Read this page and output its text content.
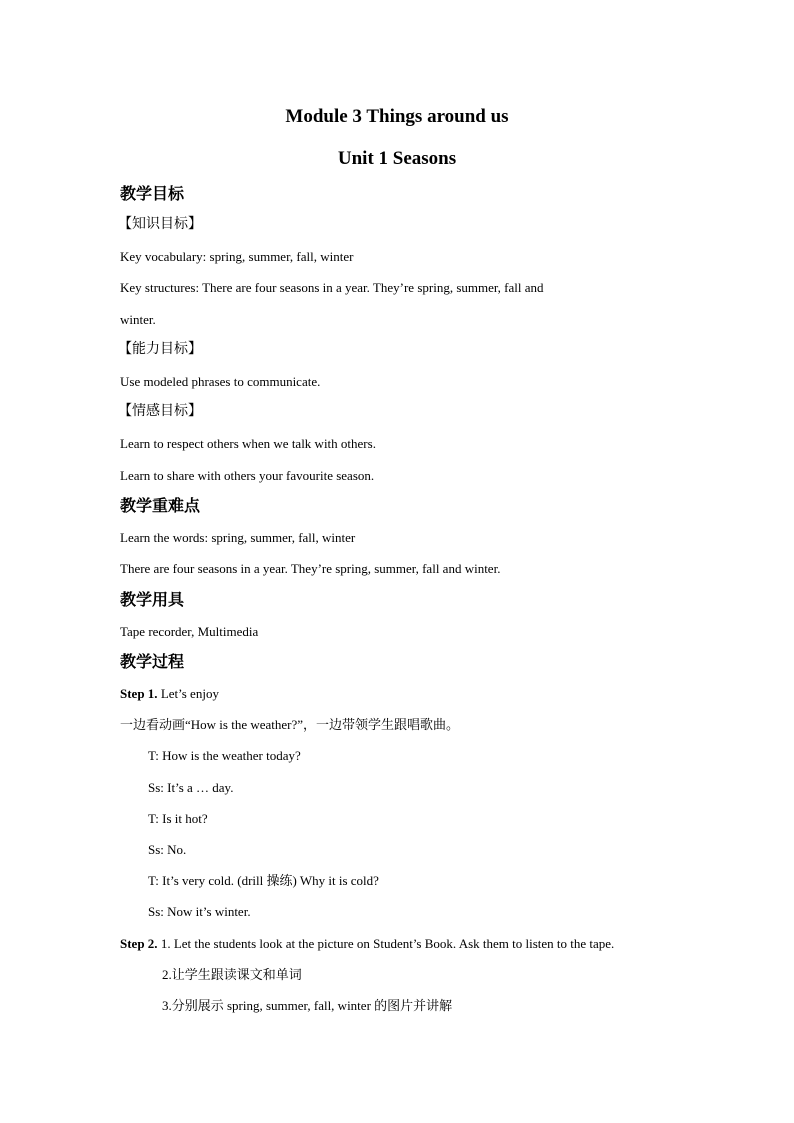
Module 3 Things around us
Unit 1 Seasons
教学目标
【知识目标】
Key vocabulary: spring, summer, fall, winter
Key structures: There are four seasons in a year. They’re spring, summer, fall and
winter.
【能力目标】
Use modeled phrases to communicate.
【情感目标】
Learn to respect others when we talk with others.
Learn to share with others your favourite season.
教学重难点
Learn the words: spring, summer, fall, winter
There are four seasons in a year. They’re spring, summer, fall and winter.
教学用具
Tape recorder, Multimedia
教学过程
Step 1. Let’s enjoy
一边看动画“How is the weather?”，一边带领学生跟唱歌曲。
T: How is the weather today?
Ss: It’s a … day.
T: Is it hot?
Ss: No.
T: It’s very cold. (drill 操练) Why it is cold?
Ss: Now it’s winter.
Step 2. 1. Let the students look at the picture on Student’s Book. Ask them to listen to the tape.
2.让学生跟读课文和单词
3.分别展示 spring, summer, fall, winter 的图片并讲解
